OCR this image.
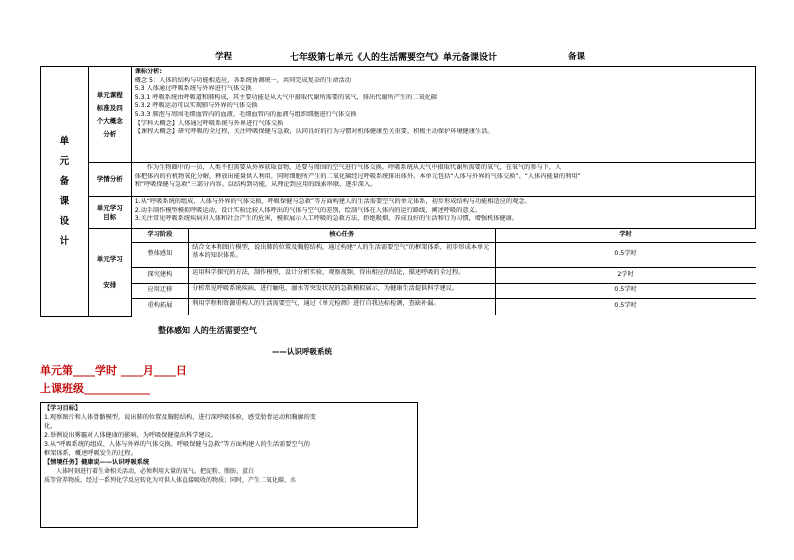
学程	七年级第七单元《人的生活需要空气》单元备课设计	备课
单
元
备
课
设
计	单元课程
标准及四
个大概念
分析	
课标分析:
概念 5：人体的结构与功能相适应，各系统协调统一，共同完成复杂的生命活动
5.3 人体通过呼吸系统与外界进行气体交换
5.3.1 呼吸系统由呼吸道和肺构成，其主要功能是从大气中摄取代谢所需要的氧气，排出代谢所产生的二氧化碳
5.3.2 呼吸运动可以实现肺与外界的气体交换
5.3.3 肺泡与周围毛细血管内的血液、毛细血管内的血液与组织细胞进行气体交换
【学科大概念】人体通过呼吸系统与外界进行气体交换
【课程大概念】研究呼吸的全过程，关注呼吸保健与急救，认同良好的行为习惯对机体健康至关重要，积极主动保护环境健康生活。

学情分析	
作为生物圈中的一员，人类不但需要从外界获取食物，还要与周围的空气进行气体交换。呼吸系统从大气中摄取代谢所需要的氧气，在氧气的参与下，人
体把体内的有机物氧化分解，释放出能量供人利用，同时细胞所产生的二氧化碳经过呼吸系统排出体外。本单元包括“人体与外界的气体交换”、“人体内能量的利用”
和“呼吸保健与急救”三部分内容。以结构到功能，从理论到应用的线索串联，逐步深入。

单元学习
目标	
1.从“呼吸系统的组成、人体与外界的气体交换、呼吸保健与急救”等方面构建人的生活需要空气的单元体系，初步形成结构与功能相适应的观念。
2.动手制作模型模拟呼吸运动，设计实验比较人体呼出的气体与空气的差别，绘制气体在人体内的运行路线，阐述呼吸的意义。
3.关注常见呼吸系统疾病对人体和社会产生的危害，模拟展示人工呼吸的急救方法，拒绝吸烟，养成良好的生活和行为习惯，增强机体健康。

单元学习

安排	
学习阶段	核心任务	学时
整体感知	结合文本和图片模型，说出肺的位置及胸腔结构，通过构建“人的生活需要空气”的框架体系，初步形成本单元基本的知识体系。	0.5学时
探究建构	运用科学探究的方法，制作模型，设计分析实验，观察视频，得出相应的结论，描述呼吸的全过程。	2学时
应用迁移	分析常见呼吸系统疾病，进行触电、溺水等突发状况的急救模拟展示，为健康生活提供科学建议。	0.5学时
重构拓展	利用学程和资源重构人的生活需要空气，通过《单元检测》进行自我达标检测，查缺补漏。	0.5学时
整体感知 人的生活需要空气
——认识呼吸系统
单元第____学时 ____月____日
上课班级____________
【学习目标】
1.观察图片和人体骨骼模型，说出肺的位置及胸腔结构，进行深呼吸体验，感受肋骨运动和胸廓的变
化。
2.举例说出雾霾对人体健康的影响，为呼吸保健提出科学建议。
3.从“呼吸系统的组成、人体与外界的气体交换、呼吸保健与急救”等方面构建人的生活需要空气的
框架体系，概述呼吸发生的过程。
【情境任务】健康说——认识呼吸系统
人体时刻进行着生命相关活动，必须利用大量的氧气。把淀粉、脂肪、蛋白
质等营养物质，经过一系列化学反应转化为可供人体直接吸收的物质；同时，产生二氧化碳、水
